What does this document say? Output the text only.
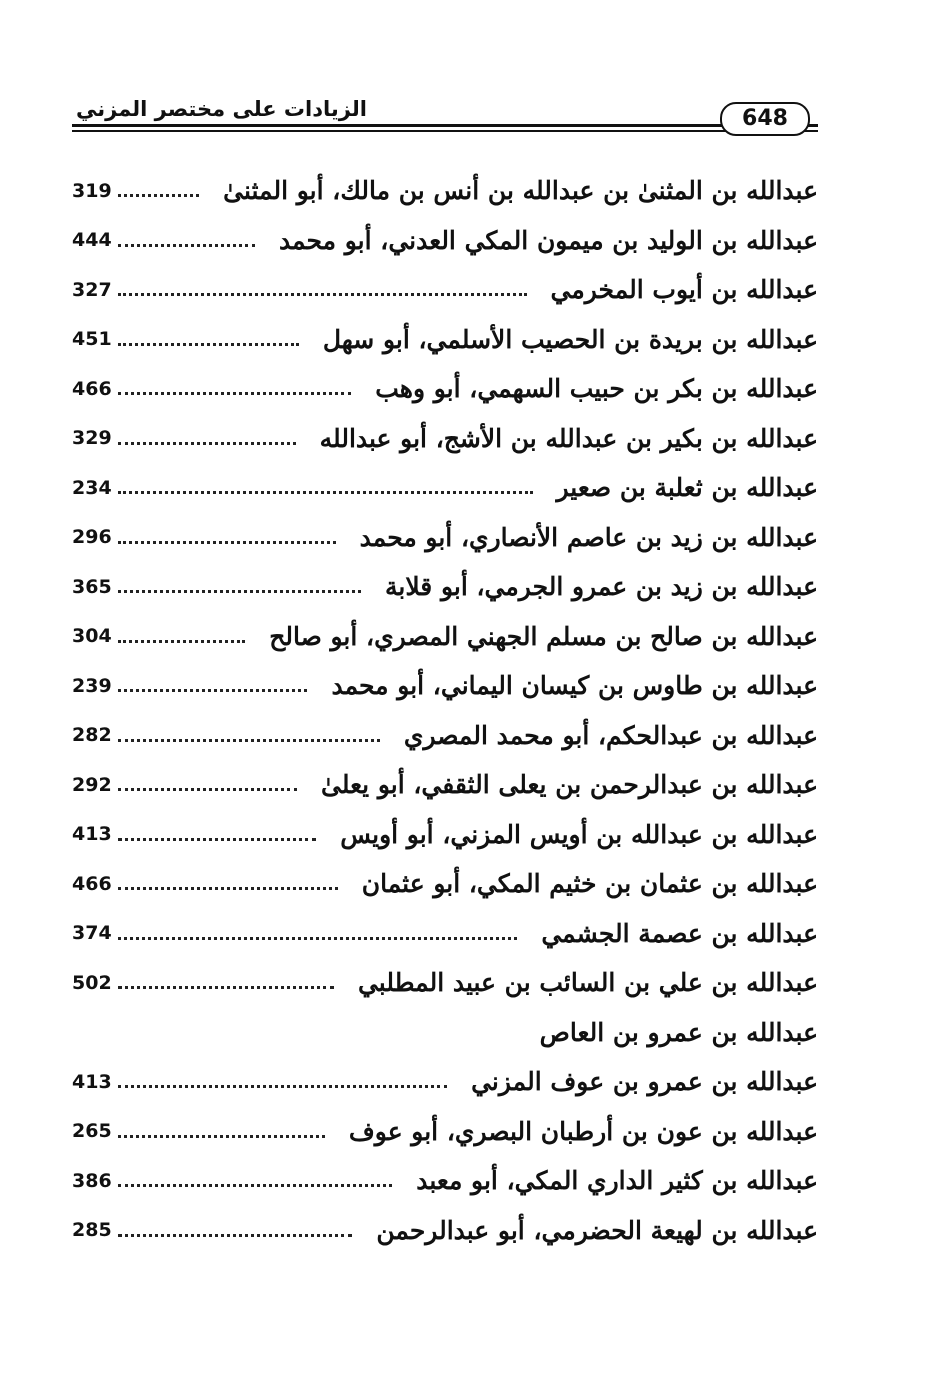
الزيادات على مختصر المزني	648
319	عبدالله بن المثنىٰ بن عبدالله بن أنس بن مالك، أبو المثنىٰ
444	عبدالله بن الوليد بن ميمون المكي العدني، أبو محمد
327	عبدالله بن أيوب المخرمي
451	عبدالله بن بريدة بن الحصيب الأسلمي، أبو سهل
466	عبدالله بن بكر بن حبيب السهمي، أبو وهب
329	عبدالله بن بكير بن عبدالله بن الأشج، أبو عبدالله
234	عبدالله بن ثعلبة بن صعير
296	عبدالله بن زيد بن عاصم الأنصاري، أبو محمد
365	عبدالله بن زيد بن عمرو الجرمي، أبو قلابة
304	عبدالله بن صالح بن مسلم الجهني المصري، أبو صالح
239	عبدالله بن طاوس بن كيسان اليماني، أبو محمد
282	عبدالله بن عبدالحكم، أبو محمد المصري
292	عبدالله بن عبدالرحمن بن يعلى الثقفي، أبو يعلىٰ
413	عبدالله بن عبدالله بن أويس المزني، أبو أويس
466	عبدالله بن عثمان بن خثيم المكي، أبو عثمان
374	عبدالله بن عصمة الجشمي
502	عبدالله بن علي بن السائب بن عبيد المطلبي
عبدالله بن عمرو بن العاص
413	عبدالله بن عمرو بن عوف المزني
265	عبدالله بن عون بن أرطبان البصري، أبو عوف
386	عبدالله بن كثير الداري المكي، أبو معبد
285	عبدالله بن لهيعة الحضرمي، أبو عبدالرحمن
